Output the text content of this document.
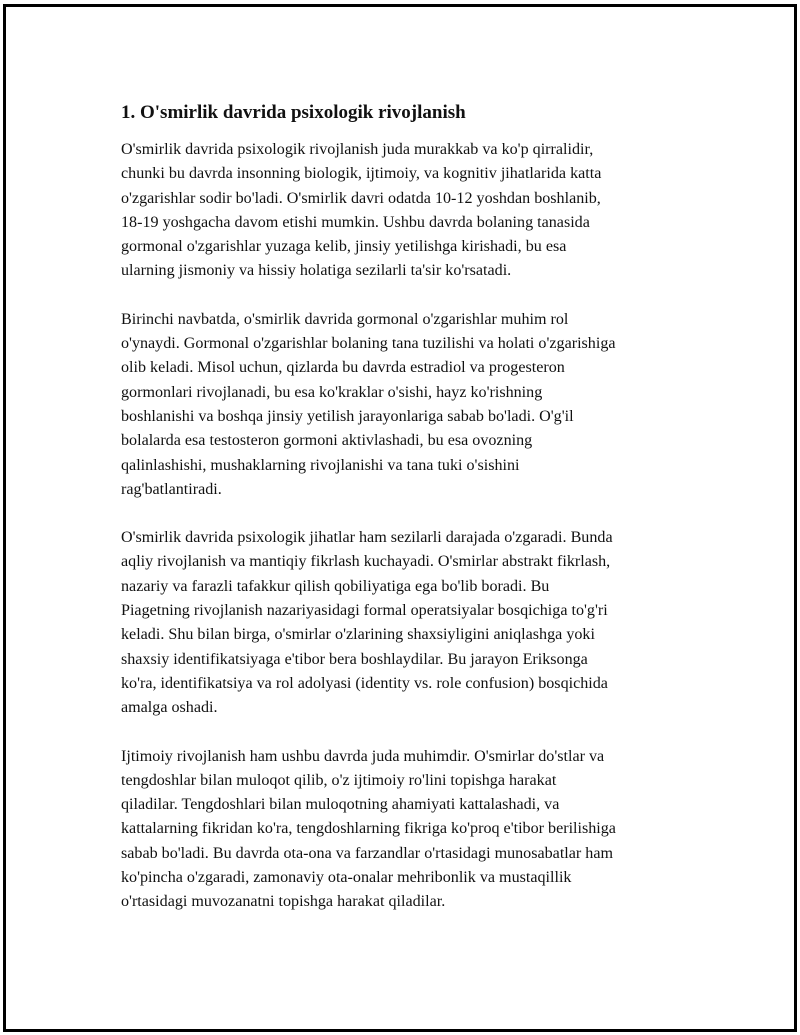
1. O'smirlik davrida psixologik rivojlanish

O'smirlik davrida psixologik rivojlanish juda murakkab va ko'p qirralidir,
chunki bu davrda insonning biologik, ijtimoiy, va kognitiv jihatlarida katta
o'zgarishlar sodir bo'ladi. O'smirlik davri odatda 10-12 yoshdan boshlanib,
18-19 yoshgacha davom etishi mumkin. Ushbu davrda bolaning tanasida
gormonal o'zgarishlar yuzaga kelib, jinsiy yetilishga kirishadi, bu esa
ularning jismoniy va hissiy holatiga sezilarli ta'sir ko'rsatadi.

Birinchi navbatda, o'smirlik davrida gormonal o'zgarishlar muhim rol
o'ynaydi. Gormonal o'zgarishlar bolaning tana tuzilishi va holati o'zgarishiga
olib keladi. Misol uchun, qizlarda bu davrda estradiol va progesteron
gormonlari rivojlanadi, bu esa ko'kraklar o'sishi, hayz ko'rishning
boshlanishi va boshqa jinsiy yetilish jarayonlariga sabab bo'ladi. O'g'il
bolalarda esa testosteron gormoni aktivlashadi, bu esa ovozning
qalinlashishi, mushaklarning rivojlanishi va tana tuki o'sishini
rag'batlantiradi.

O'smirlik davrida psixologik jihatlar ham sezilarli darajada o'zgaradi. Bunda
aqliy rivojlanish va mantiqiy fikrlash kuchayadi. O'smirlar abstrakt fikrlash,
nazariy va farazli tafakkur qilish qobiliyatiga ega bo'lib boradi. Bu
Piagetning rivojlanish nazariyasidagi formal operatsiyalar bosqichiga to'g'ri
keladi. Shu bilan birga, o'smirlar o'zlarining shaxsiyligini aniqlashga yoki
shaxsiy identifikatsiyaga e'tibor bera boshlaydilar. Bu jarayon Eriksonga
ko'ra, identifikatsiya va rol adolyasi (identity vs. role confusion) bosqichida
amalga oshadi.

Ijtimoiy rivojlanish ham ushbu davrda juda muhimdir. O'smirlar do'stlar va
tengdoshlar bilan muloqot qilib, o'z ijtimoiy ro'lini topishga harakat
qiladilar. Tengdoshlari bilan muloqotning ahamiyati kattalashadi, va
kattalarning fikridan ko'ra, tengdoshlarning fikriga ko'proq e'tibor berilishiga
sabab bo'ladi. Bu davrda ota-ona va farzandlar o'rtasidagi munosabatlar ham
ko'pincha o'zgaradi, zamonaviy ota-onalar mehribonlik va mustaqillik
o'rtasidagi muvozanatni topishga harakat qiladilar.
